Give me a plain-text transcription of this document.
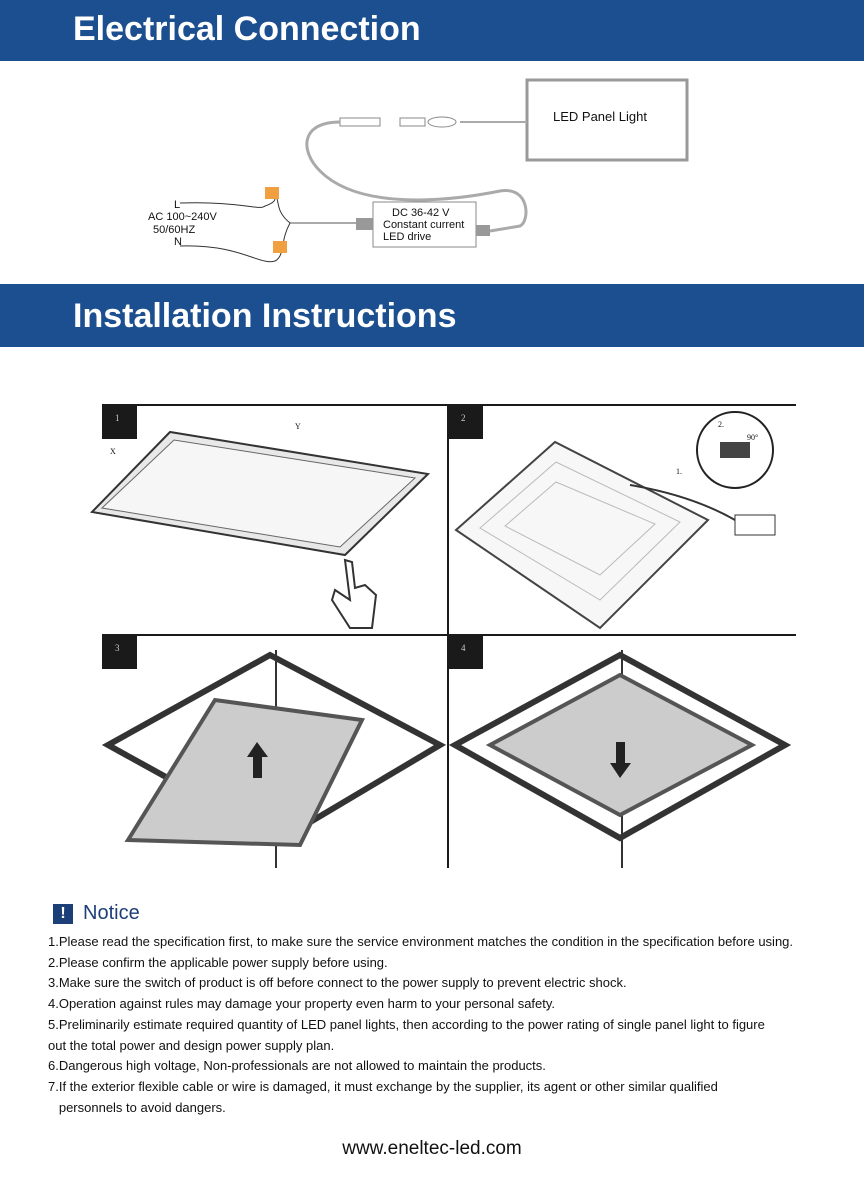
Electrical Connection
LED Panel Light
L
AC 100~240V
50/60HZ
N
DC 36-42 V
Constant current
LED drive
Installation Instructions
1	2
3	4
X
Y
1.
2.
90°
! Notice
1.Please read the specification first, to make sure the service environment matches the condition in the specification before using.
2.Please confirm the applicable power supply before using.
3.Make sure the switch of product is off before connect to the power supply to prevent electric shock.
4.Operation against rules may damage your property even harm to your personal safety.
5.Preliminarily estimate required quantity of LED panel lights, then according to the power rating of single panel light to figure
out the total power and design power supply plan.
6.Dangerous high voltage, Non-professionals are not allowed to maintain the products.
7.If the exterior flexible cable or wire is damaged, it must exchange by the supplier, its agent or other similar qualified
personnels to avoid dangers.
www.eneltec-led.com
